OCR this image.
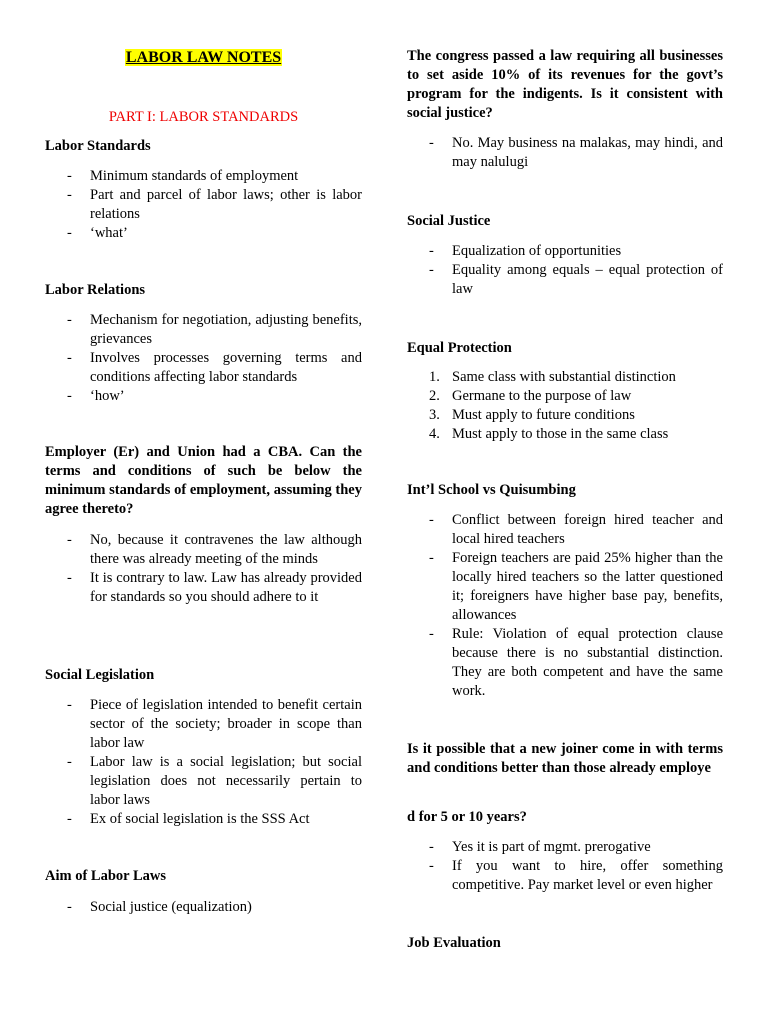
LABOR LAW NOTES
PART I: LABOR STANDARDS
Labor Standards
- Minimum standards of employment
- Part and parcel of labor laws; other is labor relations
- ‘what’
Labor Relations
- Mechanism for negotiation, adjusting benefits, grievances
- Involves processes governing terms and conditions affecting labor standards
- ‘how’
Employer (Er) and Union had a CBA. Can the terms and conditions of such be below the minimum standards of employment, assuming they agree thereto?
- No, because it contravenes the law although there was already meeting of the minds
- It is contrary to law. Law has already provided for standards so you should adhere to it
Social Legislation
- Piece of legislation intended to benefit certain sector of the society; broader in scope than labor law
- Labor law is a social legislation; but social legislation does not necessarily pertain to labor laws
- Ex of social legislation is the SSS Act
Aim of Labor Laws
- Social justice (equalization)
The congress passed a law requiring all businesses to set aside 10% of its revenues for the govt’s program for the indigents. Is it consistent with social justice?
- No. May business na malakas, may hindi, and may nalulugi
Social Justice
- Equalization of opportunities
- Equality among equals – equal protection of law
Equal Protection
1. Same class with substantial distinction
2. Germane to the purpose of law
3. Must apply to future conditions
4. Must apply to those in the same class
Int’l School vs Quisumbing
- Conflict between foreign hired teacher and local hired teachers
- Foreign teachers are paid 25% higher than the locally hired teachers so the latter questioned it; foreigners have higher base pay, benefits, allowances
- Rule: Violation of equal protection clause because there is no substantial distinction. They are both competent and have the same work.
Is it possible that a new joiner come in with terms and conditions better than those already employe
d for 5 or 10 years?
- Yes it is part of mgmt. prerogative
- If you want to hire, offer something competitive. Pay market level or even higher
Job Evaluation
